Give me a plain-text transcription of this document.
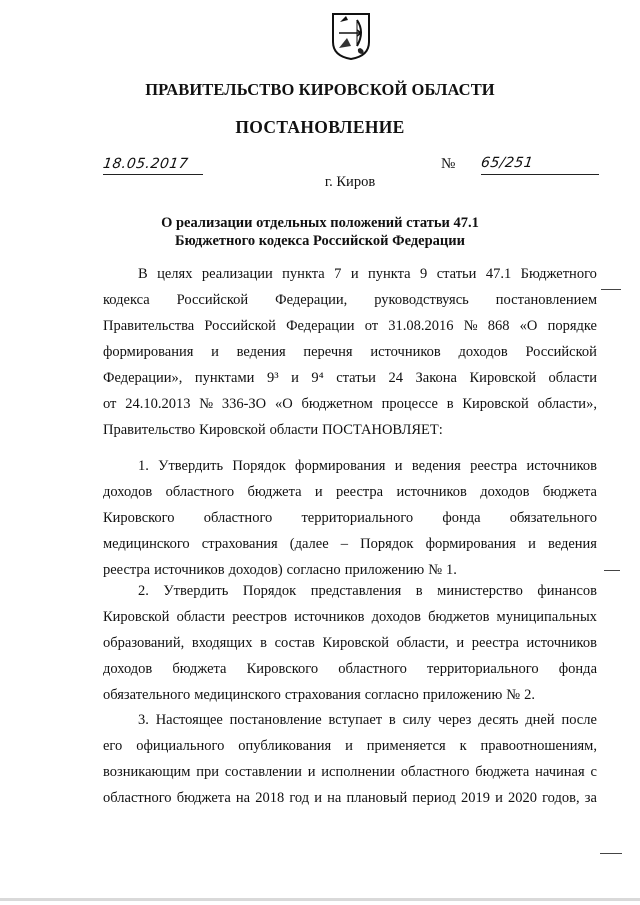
ПРАВИТЕЛЬСТВО КИРОВСКОЙ ОБЛАСТИ
ПОСТАНОВЛЕНИЕ
18.05.2017	№ 65/251
г. Киров
О реализации отдельных положений статьи 47.1
Бюджетного кодекса Российской Федерации
В целях реализации пункта 7 и пункта 9 статьи 47.1 Бюджетного
кодекса Российской Федерации, руководствуясь постановлением
Правительства Российской Федерации от 31.08.2016 № 868 «О порядке
формирования и ведения перечня источников доходов Российской
Федерации», пунктами 9³ и 9⁴ статьи 24 Закона Кировской области
от 24.10.2013 № 336-ЗО «О бюджетном процессе в Кировской области»,
Правительство Кировской области ПОСТАНОВЛЯЕТ:
1. Утвердить Порядок формирования и ведения реестра источников
доходов областного бюджета и реестра источников доходов бюджета
Кировского областного территориального фонда обязательного
медицинского страхования (далее – Порядок формирования и ведения
реестра источников доходов) согласно приложению № 1.
2. Утвердить Порядок представления в министерство финансов
Кировской области реестров источников доходов бюджетов муниципальных
образований, входящих в состав Кировской области, и реестра источников
доходов бюджета Кировского областного территориального фонда
обязательного медицинского страхования согласно приложению № 2.
3. Настоящее постановление вступает в силу через десять дней после
его официального опубликования и применяется к правоотношениям,
возникающим при составлении и исполнении областного бюджета начиная с
областного бюджета на 2018 год и на плановый период 2019 и 2020 годов, за
